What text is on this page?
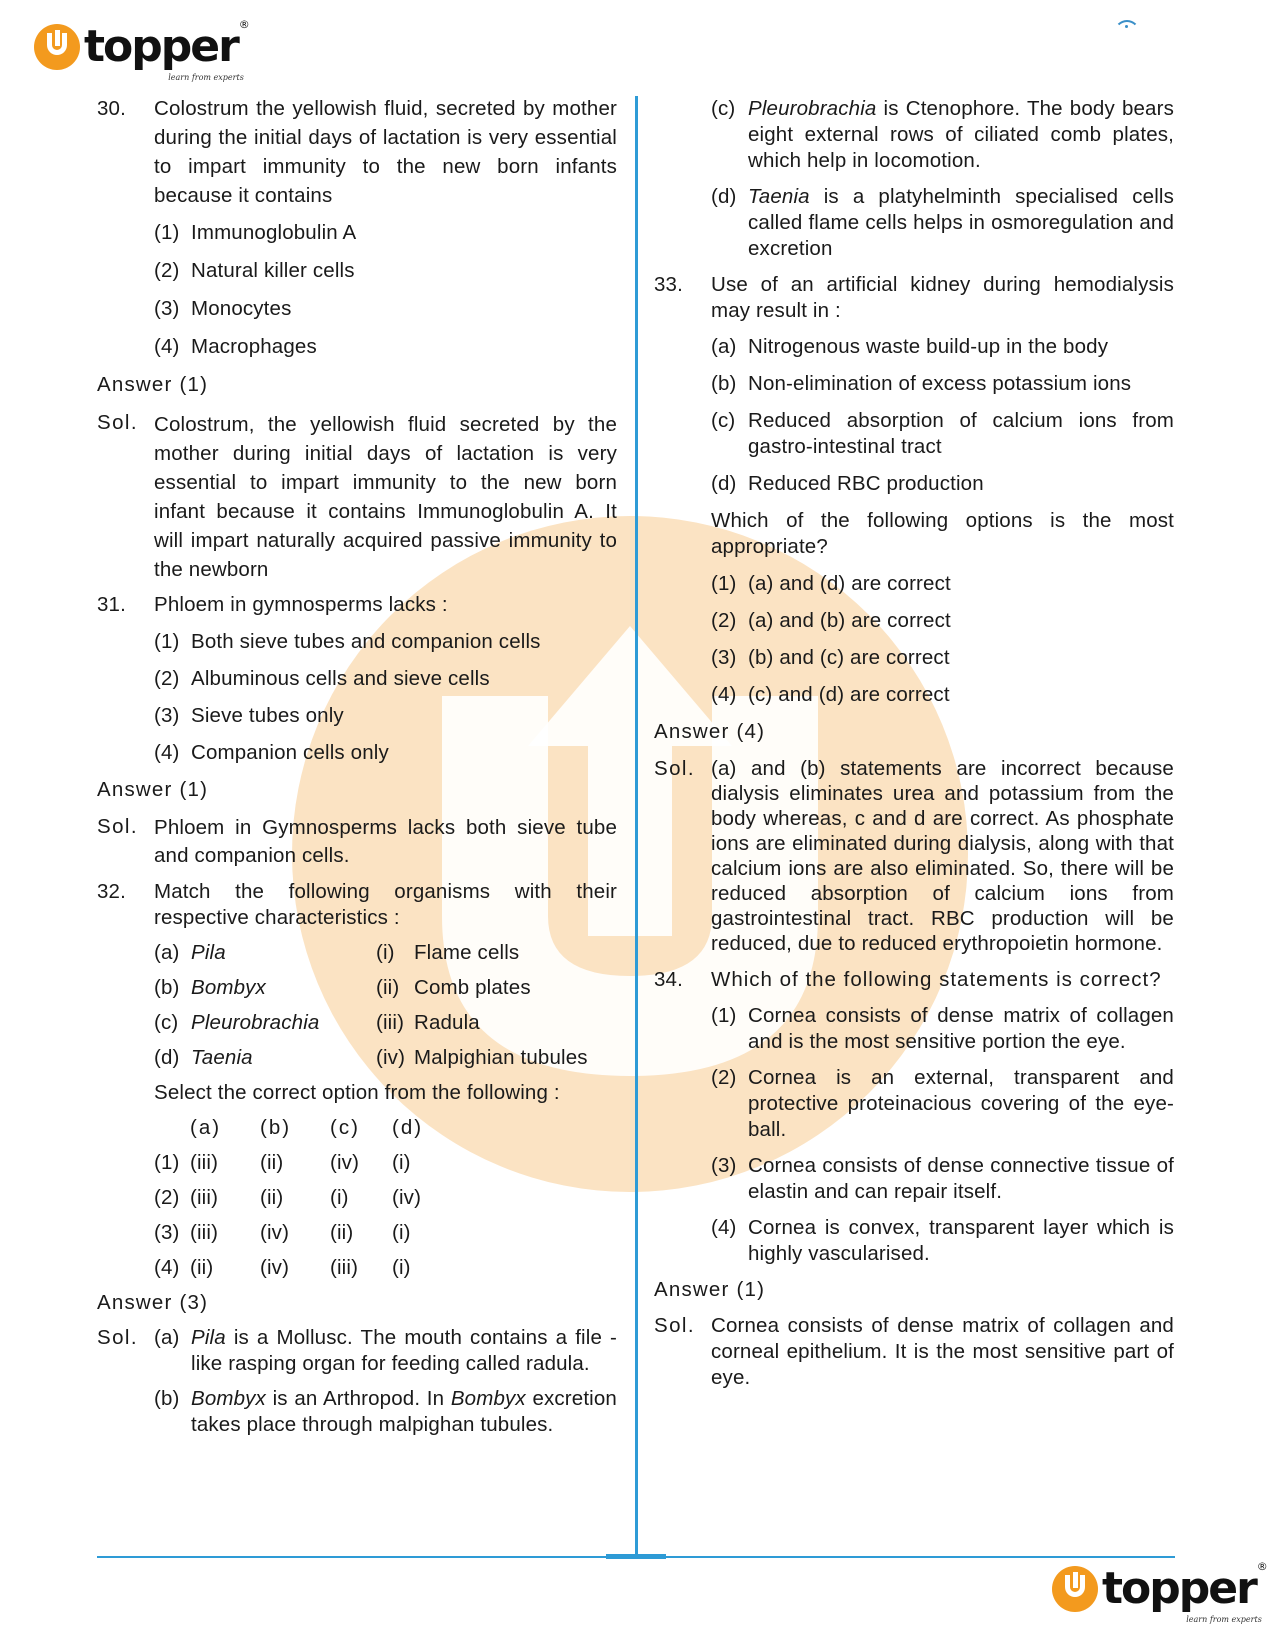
topper ®
learn from experts
30.	Colostrum the yellowish fluid, secreted by mother during the initial days of lactation is very essential to impart immunity to the new born infants because it contains
(1) Immunoglobulin A
(2) Natural killer cells
(3) Monocytes
(4) Macrophages
Answer (1)
Sol. Colostrum, the yellowish fluid secreted by the mother during initial days of lactation is very essential to impart immunity to the new born infant because it contains Immunoglobulin A. It will impart naturally acquired passive immunity to the newborn
31.	Phloem in gymnosperms lacks :
(1) Both sieve tubes and companion cells
(2) Albuminous cells and sieve cells
(3) Sieve tubes only
(4) Companion cells only
Answer (1)
Sol. Phloem in Gymnosperms lacks both sieve tube and companion cells.
32.	Match the following organisms with their respective characteristics :
(a) Pila	(i) Flame cells
(b) Bombyx	(ii) Comb plates
(c) Pleurobrachia	(iii) Radula
(d) Taenia	(iv) Malpighian tubules
Select the correct option from the following :
(a)	(b)	(c)	(d)
(1) (iii)	(ii)	(iv)	(i)
(2) (iii)	(ii)	(i)	(iv)
(3) (iii)	(iv)	(ii)	(i)
(4) (ii)	(iv)	(iii)	(i)
Answer (3)
Sol. (a) Pila is a Mollusc. The mouth contains a file - like rasping organ for feeding called radula.
(b) Bombyx is an Arthropod. In Bombyx excretion takes place through malpighan tubules.
(c) Pleurobrachia is Ctenophore. The body bears eight external rows of ciliated comb plates, which help in locomotion.
(d) Taenia is a platyhelminth specialised cells called flame cells helps in osmoregulation and excretion
33.	Use of an artificial kidney during hemodialysis may result in :
(a) Nitrogenous waste build-up in the body
(b) Non-elimination of excess potassium ions
(c) Reduced absorption of calcium ions from gastro-intestinal tract
(d) Reduced RBC production
Which of the following options is the most appropriate?
(1) (a) and (d) are correct
(2) (a) and (b) are correct
(3) (b) and (c) are correct
(4) (c) and (d) are correct
Answer (4)
Sol. (a) and (b) statements are incorrect because dialysis eliminates urea and potassium from the body whereas, c and d are correct. As phosphate ions are eliminated during dialysis, along with that calcium ions are also eliminated. So, there will be reduced absorption of calcium ions from gastrointestinal tract. RBC production will be reduced, due to reduced erythropoietin hormone.
34.	Which of the following statements is correct?
(1) Cornea consists of dense matrix of collagen and is the most sensitive portion the eye.
(2) Cornea is an external, transparent and protective proteinacious covering of the eye-ball.
(3) Cornea consists of dense connective tissue of elastin and can repair itself.
(4) Cornea is convex, transparent layer which is highly vascularised.
Answer (1)
Sol. Cornea consists of dense matrix of collagen and corneal epithelium. It is the most sensitive part of eye.
topper ®
learn from experts
